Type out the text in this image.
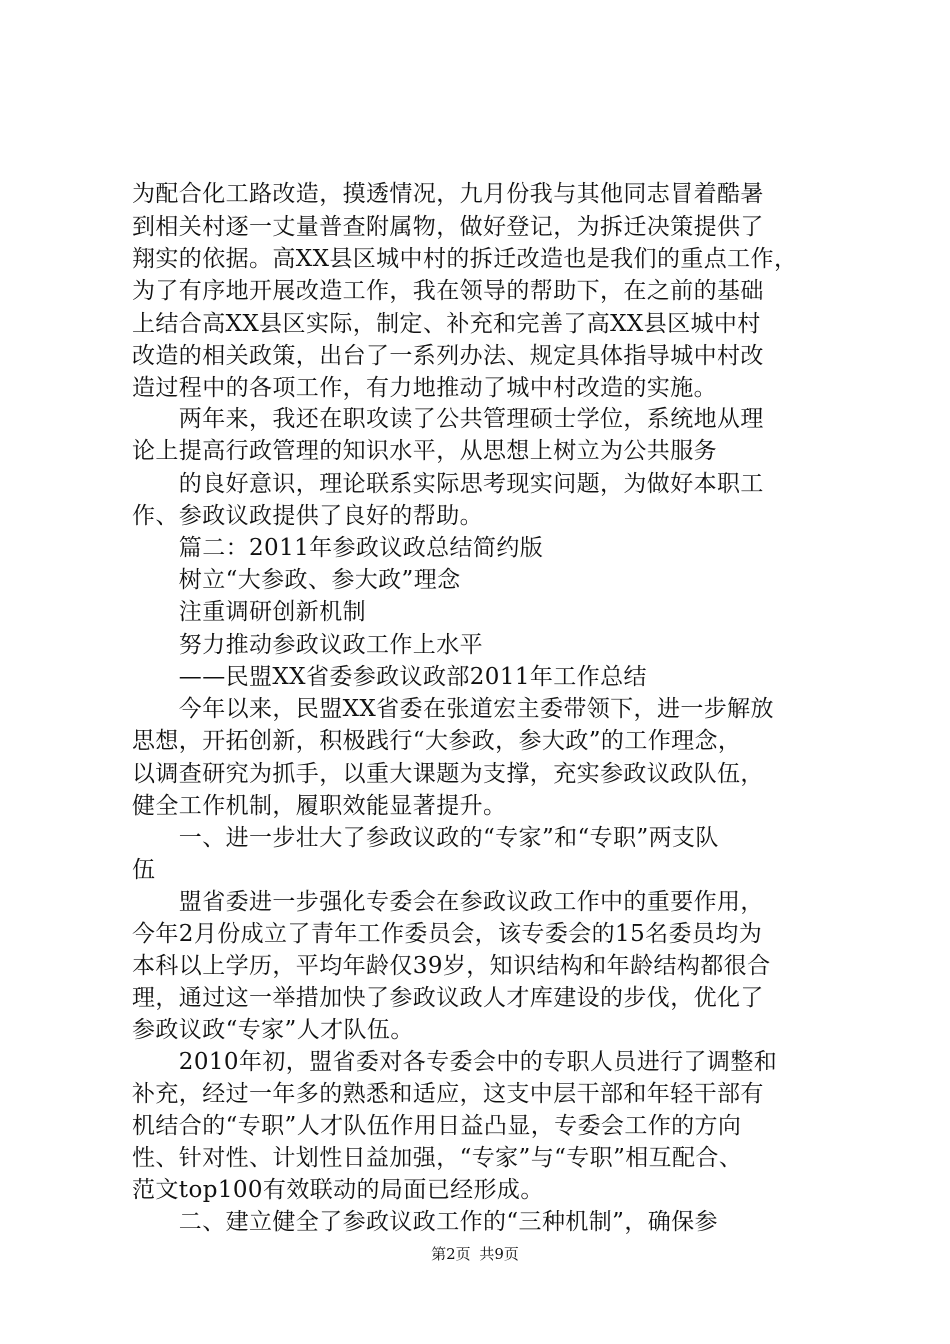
为配合化工路改造，摸透情况，九月份我与其他同志冒着酷暑
到相关村逐一丈量普查附属物，做好登记，为拆迁决策提供了
翔实的依据。高XX县区城中村的拆迁改造也是我们的重点工作，
为了有序地开展改造工作，我在领导的帮助下，在之前的基础
上结合高XX县区实际，制定、补充和完善了高XX县区城中村
改造的相关政策，出台了一系列办法、规定具体指导城中村改
造过程中的各项工作，有力地推动了城中村改造的实施。
　　两年来，我还在职攻读了公共管理硕士学位，系统地从理
论上提高行政管理的知识水平，从思想上树立为公共服务
　　的良好意识，理论联系实际思考现实问题，为做好本职工
作、参政议政提供了良好的帮助。
　　篇二：2011年参政议政总结简约版
　　树立“大参政、参大政”理念
　　注重调研创新机制
　　努力推动参政议政工作上水平
　　——民盟XX省委参政议政部2011年工作总结
　　今年以来，民盟XX省委在张道宏主委带领下，进一步解放
思想，开拓创新，积极践行“大参政，参大政”的工作理念，
以调查研究为抓手，以重大课题为支撑，充实参政议政队伍，
健全工作机制，履职效能显著提升。
　　一、进一步壮大了参政议政的“专家”和“专职”两支队
伍
　　盟省委进一步强化专委会在参政议政工作中的重要作用，
今年2月份成立了青年工作委员会，该专委会的15名委员均为
本科以上学历，平均年龄仅39岁，知识结构和年龄结构都很合
理，通过这一举措加快了参政议政人才库建设的步伐，优化了
参政议政“专家”人才队伍。
　　2010年初，盟省委对各专委会中的专职人员进行了调整和
补充，经过一年多的熟悉和适应，这支中层干部和年轻干部有
机结合的“专职”人才队伍作用日益凸显，专委会工作的方向
性、针对性、计划性日益加强，“专家”与“专职”相互配合、
范文top100有效联动的局面已经形成。
　　二、建立健全了参政议政工作的“三种机制”，确保参
第2页 共9页
